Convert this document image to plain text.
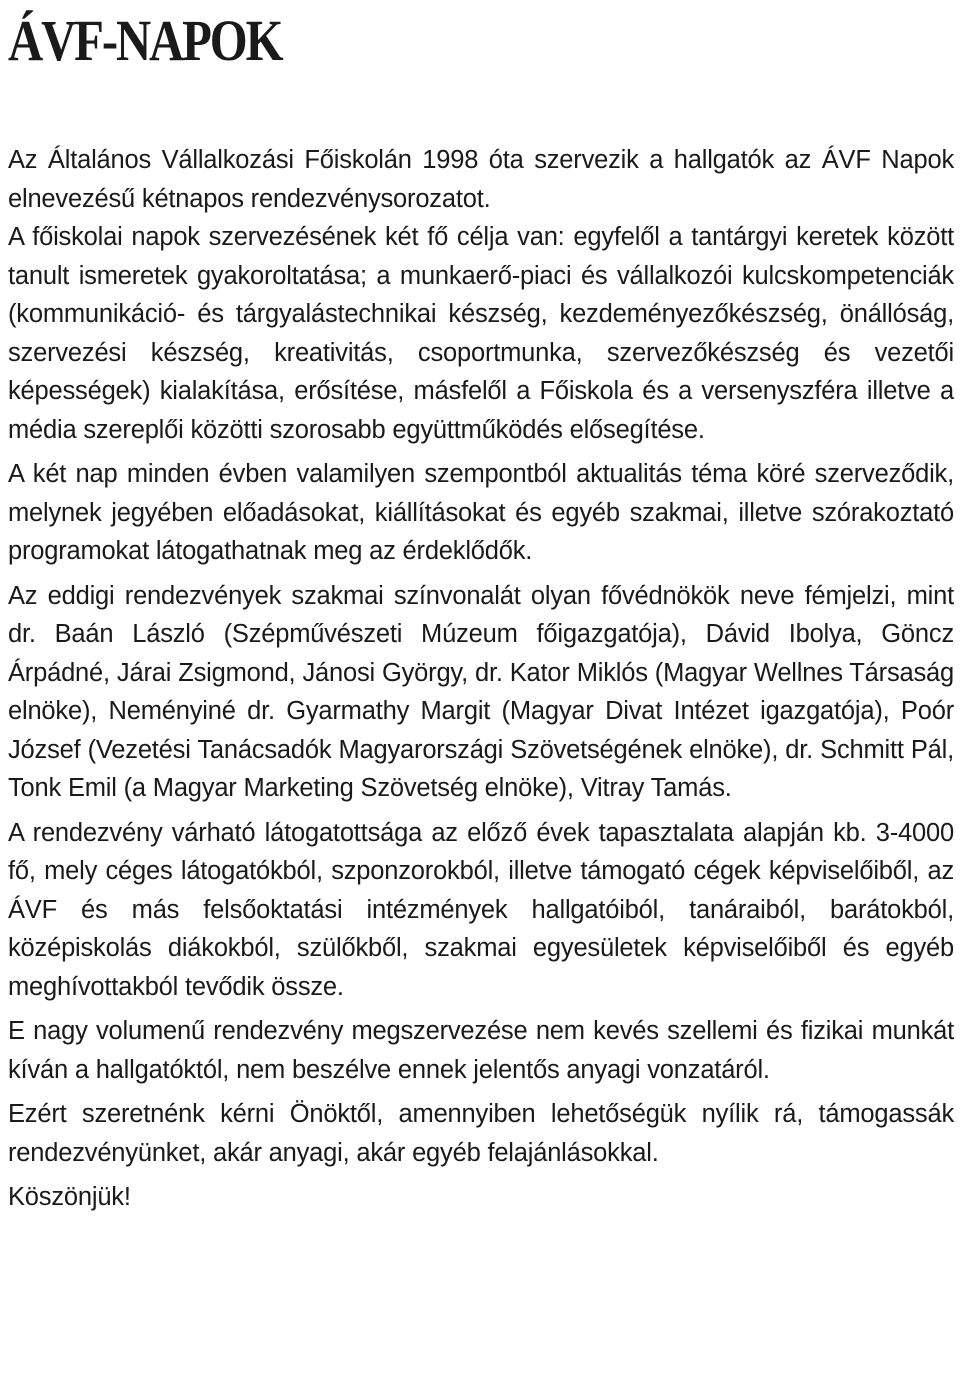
ÁVF-NAPOK

Az Általános Vállalkozási Főiskolán 1998 óta szervezik a hallgatók az ÁVF Napok elnevezésű kétnapos rendezvénysorozatot.

A főiskolai napok szervezésének két fő célja van: egyfelől a tantárgyi keretek között tanult ismeretek gyakoroltatása; a munkaerő-piaci és vállalkozói kulcskompetenciák (kommunikáció- és tárgyalástechnikai készség, kezdeményezőkészség, önállóság, szervezési készség, kreativitás, csoportmunka, szervezőkészség és vezetői képességek) kialakítása, erősítése, másfelől a Főiskola és a versenyszféra illetve a média szereplői közötti szorosabb együttműködés elősegítése.

A két nap minden évben valamilyen szempontból aktualitás téma köré szerveződik, melynek jegyében előadásokat, kiállításokat és egyéb szakmai, illetve szórakoztató programokat látogathatnak meg az érdeklődők.

Az eddigi rendezvények szakmai színvonalát olyan fővédnökök neve fémjelzi, mint dr. Baán László (Szépművészeti Múzeum főigazgatója), Dávid Ibolya, Göncz Árpádné, Járai Zsigmond, Jánosi György, dr. Kator Miklós (Magyar Wellnes Társaság elnöke), Neményiné dr. Gyarmathy Margit (Magyar Divat Intézet igazgatója), Poór József (Vezetési Tanácsadók Magyarországi Szövetségének elnöke), dr. Schmitt Pál, Tonk Emil (a Magyar Marketing Szövetség elnöke), Vitray Tamás.

A rendezvény várható látogatottsága az előző évek tapasztalata alapján kb. 3-4000 fő, mely céges látogatókból, szponzorokból, illetve támogató cégek képviselőiből, az ÁVF és más felsőoktatási intézmények hallgatóiból, tanáraiból, barátokból, középiskolás diákokból, szülőkből, szakmai egyesületek képviselőiből és egyéb meghívottakból tevődik össze.

E nagy volumenű rendezvény megszervezése nem kevés szellemi és fizikai munkát kíván a hallgatóktól, nem beszélve ennek jelentős anyagi vonzatáról.

Ezért szeretnénk kérni Önöktől, amennyiben lehetőségük nyílik rá, támogassák rendezvényünket, akár anyagi, akár egyéb felajánlásokkal.

Köszönjük!
